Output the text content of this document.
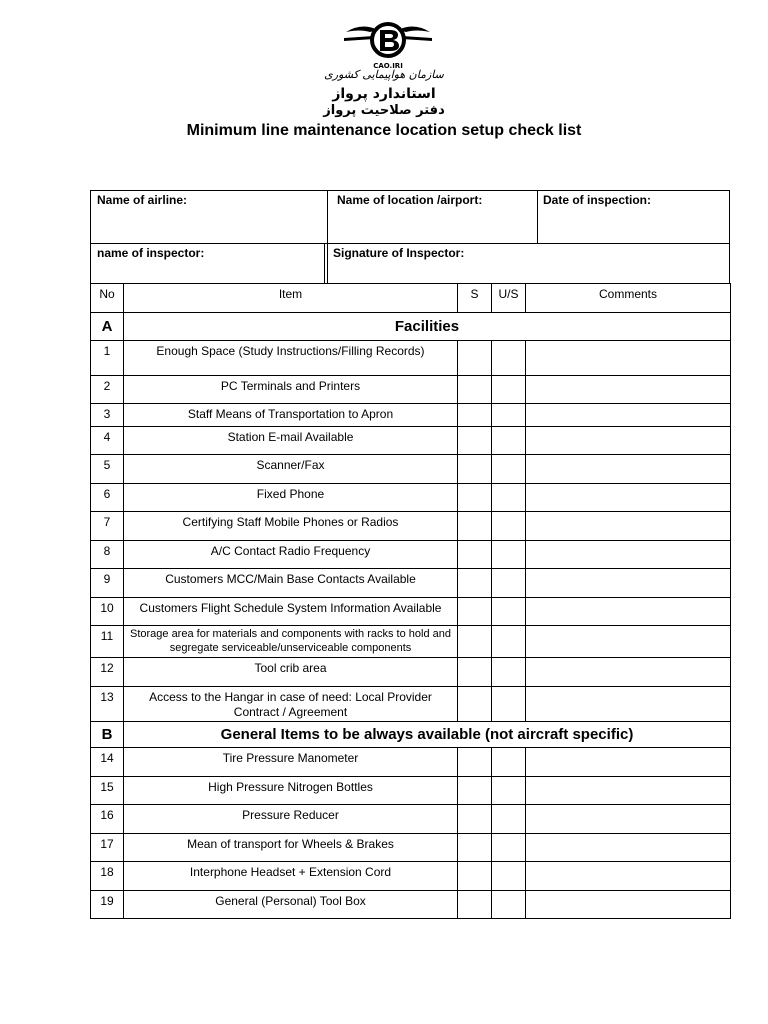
CAO.IRI
سازمان هواپیمایی کشوری
استاندارد پرواز
دفتر صلاحیت پرواز
Minimum line maintenance location setup check list
Name of airline:	Name of location /airport:	Date of inspection:
name of inspector:	Signature of Inspector:
No	Item	S	U/S	Comments
A	Facilities			
1	Enough Space (Study Instructions/Filling Records)			
2	PC Terminals and Printers			
3	Staff Means of Transportation to Apron			
4	Station E-mail Available			
5	Scanner/Fax			
6	Fixed Phone			
7	Certifying Staff Mobile Phones or Radios			
8	A/C Contact Radio Frequency			
9	Customers MCC/Main Base Contacts Available			
10	Customers Flight Schedule System Information Available			
11	Storage area for materials and components with racks to hold and segregate serviceable/unserviceable components			
12	Tool crib area			
13	Access to the Hangar in case of need: Local Provider Contract / Agreement			
B	General Items to be always available (not aircraft specific)			
14	Tire Pressure Manometer			
15	High Pressure Nitrogen Bottles			
16	Pressure Reducer			
17	Mean of transport for Wheels & Brakes			
18	Interphone Headset + Extension Cord			
19	General (Personal) Tool Box			
